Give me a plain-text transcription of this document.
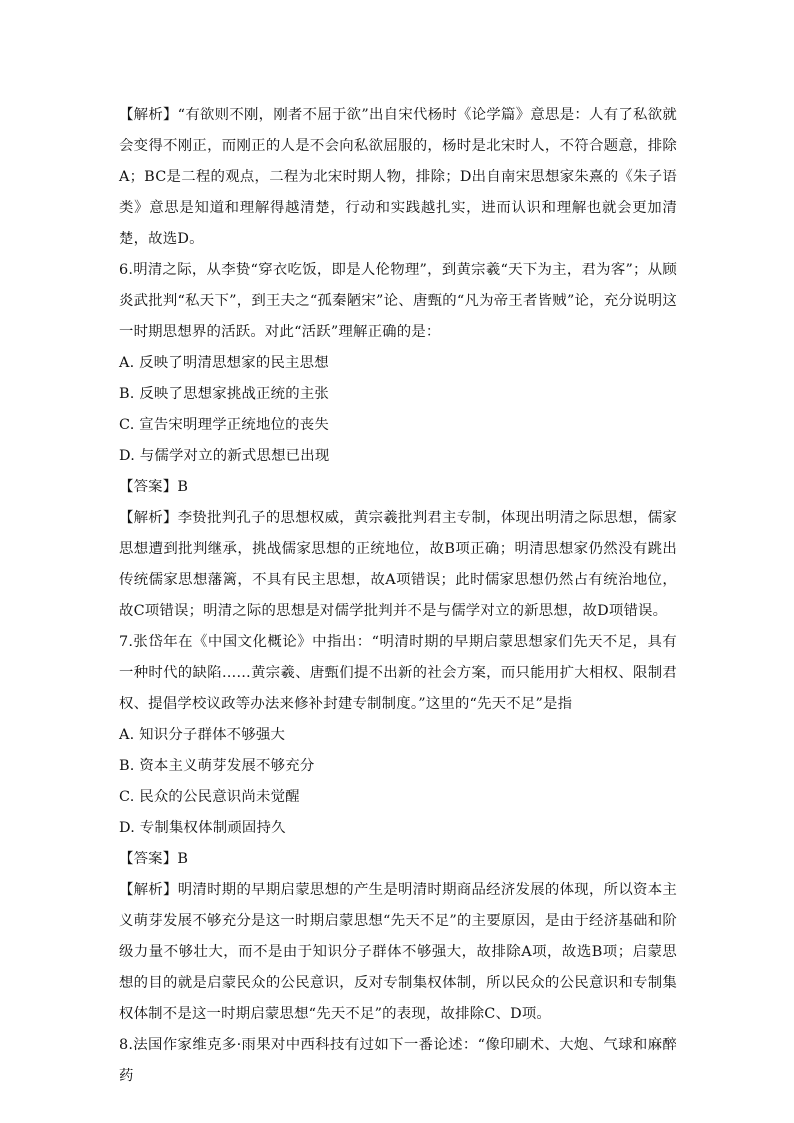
【解析】“有欲则不刚，刚者不屈于欲”出自宋代杨时《论学篇》意思是：人有了私欲就会变得不刚正，而刚正的人是不会向私欲屈服的，杨时是北宋时人，不符合题意，排除A；BC是二程的观点，二程为北宋时期人物，排除；D出自南宋思想家朱熹的《朱子语类》意思是知道和理解得越清楚，行动和实践越扎实，进而认识和理解也就会更加清楚，故选D。

6.明清之际，从李贽“穿衣吃饭，即是人伦物理”，到黄宗羲“天下为主，君为客”；从顾炎武批判“私天下”，到王夫之“孤秦陋宋”论、唐甄的“凡为帝王者皆贼”论，充分说明这一时期思想界的活跃。对此“活跃”理解正确的是：

A. 反映了明清思想家的民主思想

B. 反映了思想家挑战正统的主张

C. 宣告宋明理学正统地位的丧失

D. 与儒学对立的新式思想已出现

【答案】B

【解析】李贽批判孔子的思想权威，黄宗羲批判君主专制，体现出明清之际思想，儒家思想遭到批判继承，挑战儒家思想的正统地位，故B项正确；明清思想家仍然没有跳出传统儒家思想藩篱，不具有民主思想，故A项错误；此时儒家思想仍然占有统治地位，故C项错误；明清之际的思想是对儒学批判并不是与儒学对立的新思想，故D项错误。

7.张岱年在《中国文化概论》中指出：“明清时期的早期启蒙思想家们先天不足，具有一种时代的缺陷……黄宗羲、唐甄们提不出新的社会方案，而只能用扩大相权、限制君权、提倡学校议政等办法来修补封建专制制度。”这里的“先天不足”是指

A. 知识分子群体不够强大

B. 资本主义萌芽发展不够充分

C. 民众的公民意识尚未觉醒

D. 专制集权体制顽固持久

【答案】B

【解析】明清时期的早期启蒙思想的产生是明清时期商品经济发展的体现，所以资本主义萌芽发展不够充分是这一时期启蒙思想“先天不足”的主要原因，是由于经济基础和阶级力量不够壮大，而不是由于知识分子群体不够强大，故排除A项，故选B项；启蒙思想的目的就是启蒙民众的公民意识，反对专制集权体制，所以民众的公民意识和专制集权体制不是这一时期启蒙思想“先天不足”的表现，故排除C、D项。

8.法国作家维克多·雨果对中西科技有过如下一番论述：“像印刷术、大炮、气球和麻醉药
